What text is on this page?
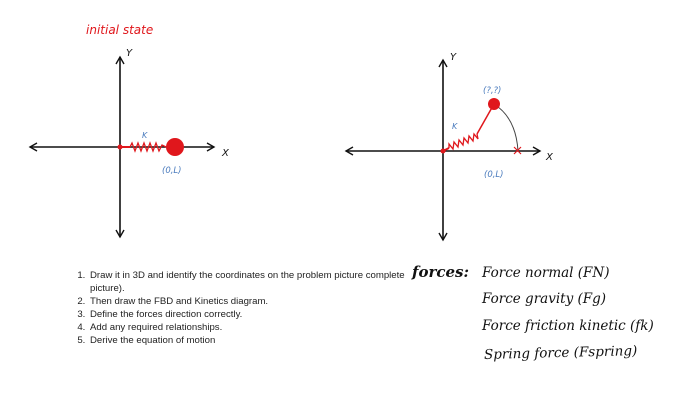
initial state
Y
X
K
(0,L)
Y
X
K
(?,?)
(0,L)
1. Draw it in 3D and identify the coordinates on the problem picture complete picture).
2. Then draw the FBD and Kinetics diagram.
3. Define the forces direction correctly.
4. Add any required relationships.
5. Derive the equation of motion
forces: Force normal (FN)
Force gravity (Fg)
Force friction kinetic (fk)
Spring force (Fspring)
